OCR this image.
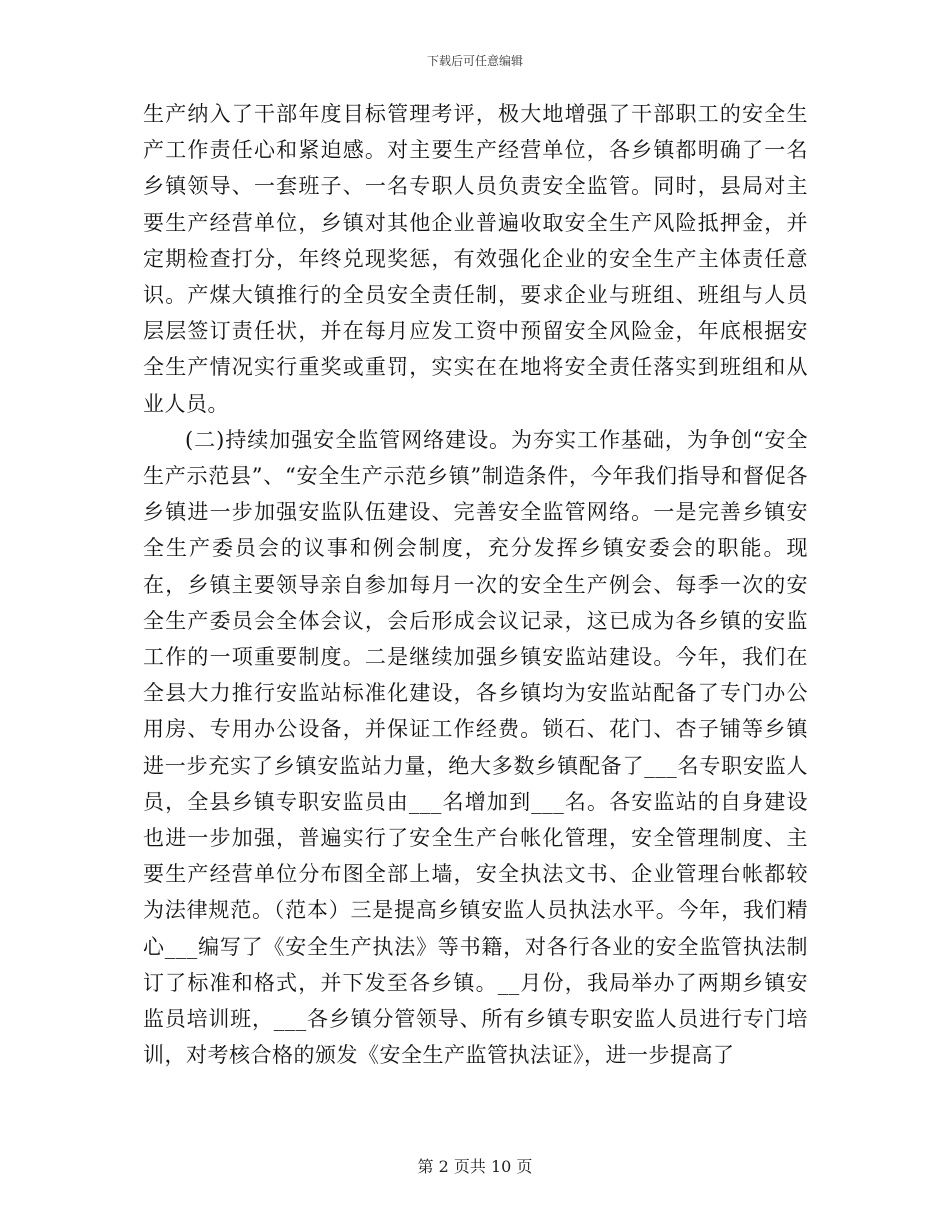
下载后可任意编辑

生产纳入了干部年度目标管理考评，极大地增强了干部职工的安全生产工作责任心和紧迫感。对主要生产经营单位，各乡镇都明确了一名乡镇领导、一套班子、一名专职人员负责安全监管。同时，县局对主要生产经营单位，乡镇对其他企业普遍收取安全生产风险抵押金，并定期检查打分，年终兑现奖惩，有效强化企业的安全生产主体责任意识。产煤大镇推行的全员安全责任制，要求企业与班组、班组与人员层层签订责任状，并在每月应发工资中预留安全风险金，年底根据安全生产情况实行重奖或重罚，实实在在地将安全责任落实到班组和从业人员。

(二)持续加强安全监管网络建设。为夯实工作基础，为争创“安全生产示范县”、“安全生产示范乡镇”制造条件，今年我们指导和督促各乡镇进一步加强安监队伍建设、完善安全监管网络。一是完善乡镇安全生产委员会的议事和例会制度，充分发挥乡镇安委会的职能。现在，乡镇主要领导亲自参加每月一次的安全生产例会、每季一次的安全生产委员会全体会议，会后形成会议记录，这已成为各乡镇的安监工作的一项重要制度。二是继续加强乡镇安监站建设。今年，我们在全县大力推行安监站标准化建设，各乡镇均为安监站配备了专门办公用房、专用办公设备，并保证工作经费。锁石、花门、杏子铺等乡镇进一步充实了乡镇安监站力量，绝大多数乡镇配备了___名专职安监人员，全县乡镇专职安监员由___名增加到___名。各安监站的自身建设也进一步加强，普遍实行了安全生产台帐化管理，安全管理制度、主要生产经营单位分布图全部上墙，安全执法文书、企业管理台帐都较为法律规范。（范本）三是提高乡镇安监人员执法水平。今年，我们精心___编写了《安全生产执法》等书籍，对各行各业的安全监管执法制订了标准和格式，并下发至各乡镇。__月份，我局举办了两期乡镇安监员培训班，___各乡镇分管领导、所有乡镇专职安监人员进行专门培训，对考核合格的颁发《安全生产监管执法证》，进一步提高了

第 2 页共 10 页
